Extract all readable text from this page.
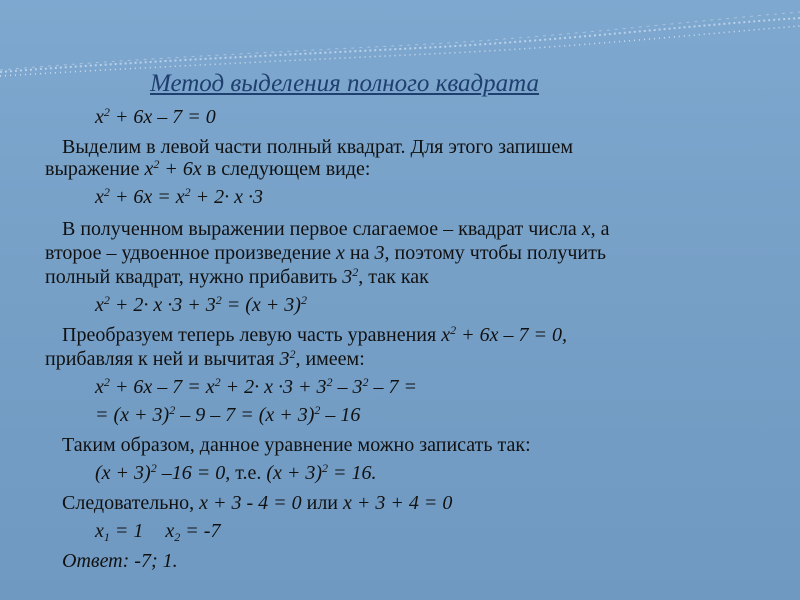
Метод выделения полного квадрата
$x^2 + 6x - 7 = 0$
Выделим в левой части полный квадрат. Для этого запишем
выражение $x^2 + 6x$ в следующем виде:
$x^2 + 6x = x^2 + 2\cdot x \cdot 3$
В полученном выражении первое слагаемое – квадрат числа x, а
второе – удвоенное произведение x на 3, поэтому чтобы получить
полный квадрат, нужно прибавить $3^2$, так как
$x^2 + 2\cdot x \cdot 3 + 3^2 = (x + 3)^2$
Преобразуем теперь левую часть уравнения $x^2 + 6x - 7 = 0$,
прибавляя к ней и вычитая $3^2$, имеем:
$x^2 + 6x - 7 = x^2 + 2\cdot x \cdot 3 + 3^2 - 3^2 - 7$ =
= $(x + 3)^2 - 9 - 7 = (x + 3)^2 - 16$
Таким образом, данное уравнение можно записать так:
$(x + 3)^2$ –16 = 0, т.е. $(x + 3)^2 = 16$.
Следовательно, x + 3 - 4 = 0 или x + 3 + 4 = 0
$x_1 = 1$ $x_2 = -7$
Ответ: -7; 1.
